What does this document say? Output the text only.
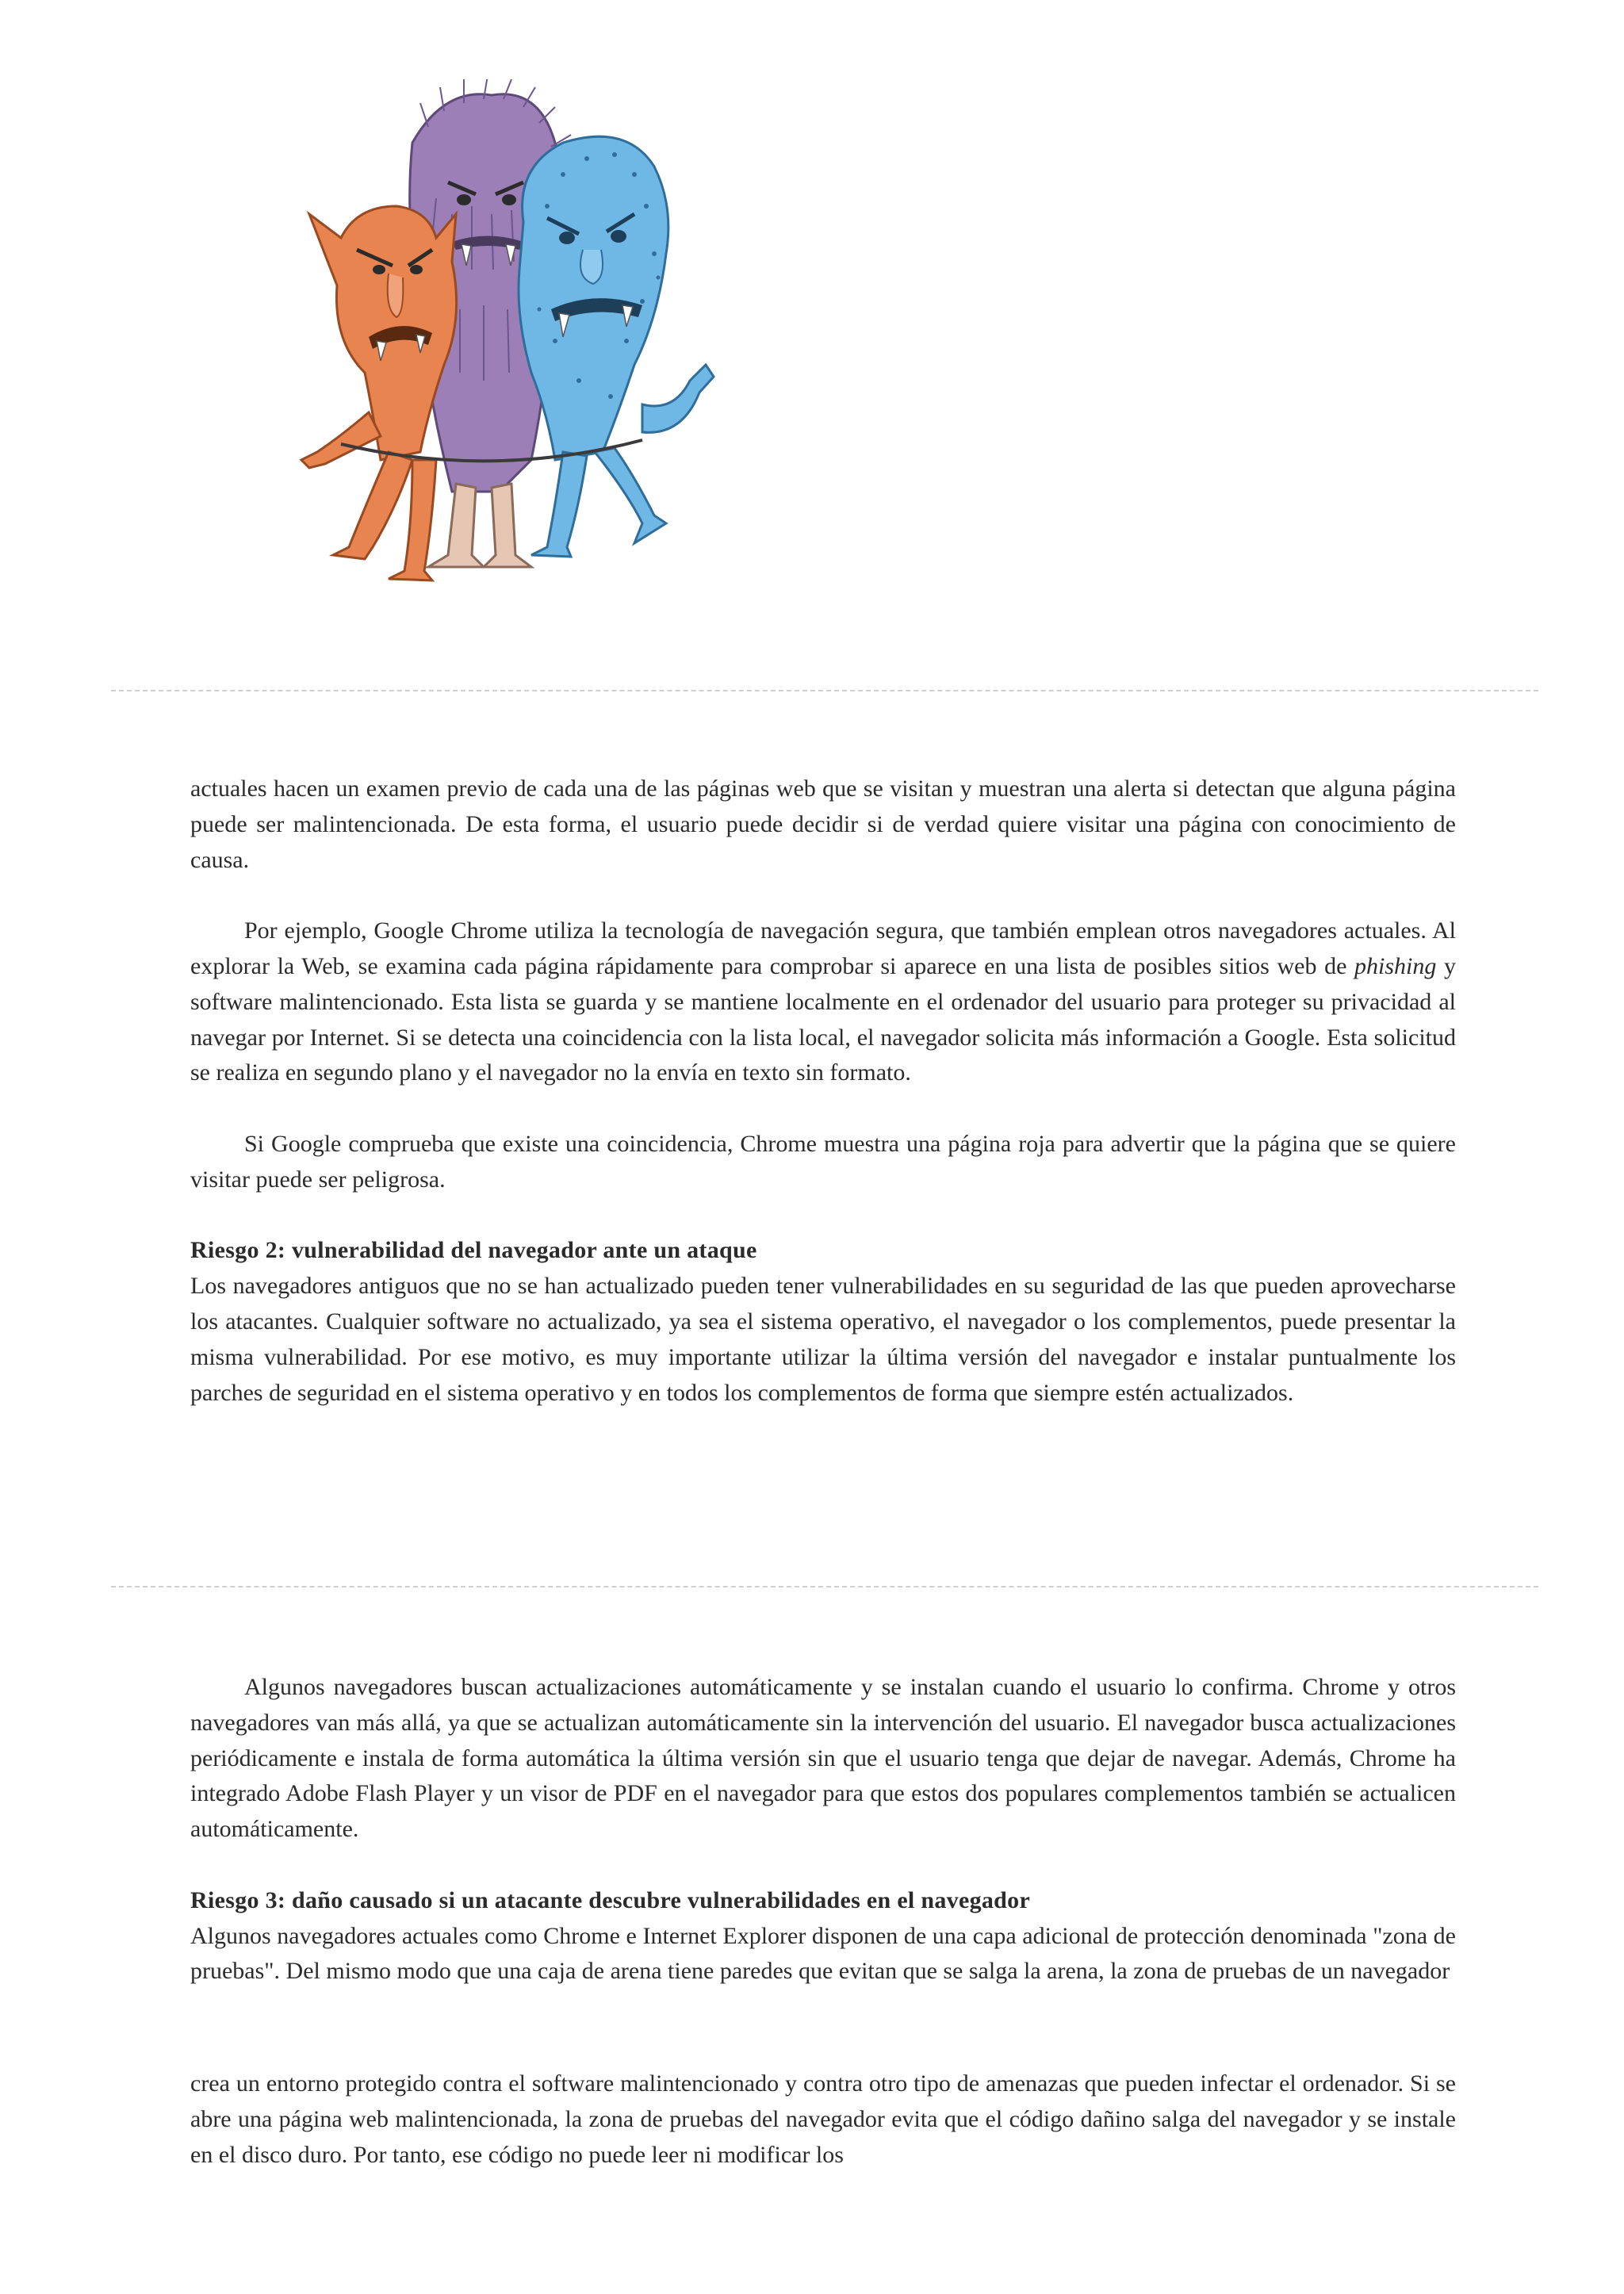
actuales hacen un examen previo de cada una de las páginas web que se visitan y muestran una alerta si detectan que alguna página puede ser malintencionada. De esta forma, el usuario puede decidir si de verdad quiere visitar una página con conocimiento de causa.

Por ejemplo, Google Chrome utiliza la tecnología de navegación segura, que también emplean otros navegadores actuales. Al explorar la Web, se examina cada página rápidamente para comprobar si aparece en una lista de posibles sitios web de phishing y software malintencionado. Esta lista se guarda y se mantiene localmente en el ordenador del usuario para proteger su privacidad al navegar por Internet. Si se detecta una coincidencia con la lista local, el navegador solicita más información a Google. Esta solicitud se realiza en segundo plano y el navegador no la envía en texto sin formato.

Si Google comprueba que existe una coincidencia, Chrome muestra una página roja para advertir que la página que se quiere visitar puede ser peligrosa.

Riesgo 2: vulnerabilidad del navegador ante un ataque

Los navegadores antiguos que no se han actualizado pueden tener vulnerabilidades en su seguridad de las que pueden aprovecharse los atacantes. Cualquier software no actualizado, ya sea el sistema operativo, el navegador o los complementos, puede presentar la misma vulnerabilidad. Por ese motivo, es muy importante utilizar la última versión del navegador e instalar puntualmente los parches de seguridad en el sistema operativo y en todos los complementos de forma que siempre estén actualizados.

Algunos navegadores buscan actualizaciones automáticamente y se instalan cuando el usuario lo confirma. Chrome y otros navegadores van más allá, ya que se actualizan automáticamente sin la intervención del usuario. El navegador busca actualizaciones periódicamente e instala de forma automática la última versión sin que el usuario tenga que dejar de navegar. Además, Chrome ha integrado Adobe Flash Player y un visor de PDF en el navegador para que estos dos populares complementos también se actualicen automáticamente.

Riesgo 3: daño causado si un atacante descubre vulnerabilidades en el navegador

Algunos navegadores actuales como Chrome e Internet Explorer disponen de una capa adicional de protección denominada "zona de pruebas". Del mismo modo que una caja de arena tiene paredes que evitan que se salga la arena, la zona de pruebas de un navegador

crea un entorno protegido contra el software malintencionado y contra otro tipo de amenazas que pueden infectar el ordenador. Si se abre una página web malintencionada, la zona de pruebas del navegador evita que el código dañino salga del navegador y se instale en el disco duro. Por tanto, ese código no puede leer ni modificar los
